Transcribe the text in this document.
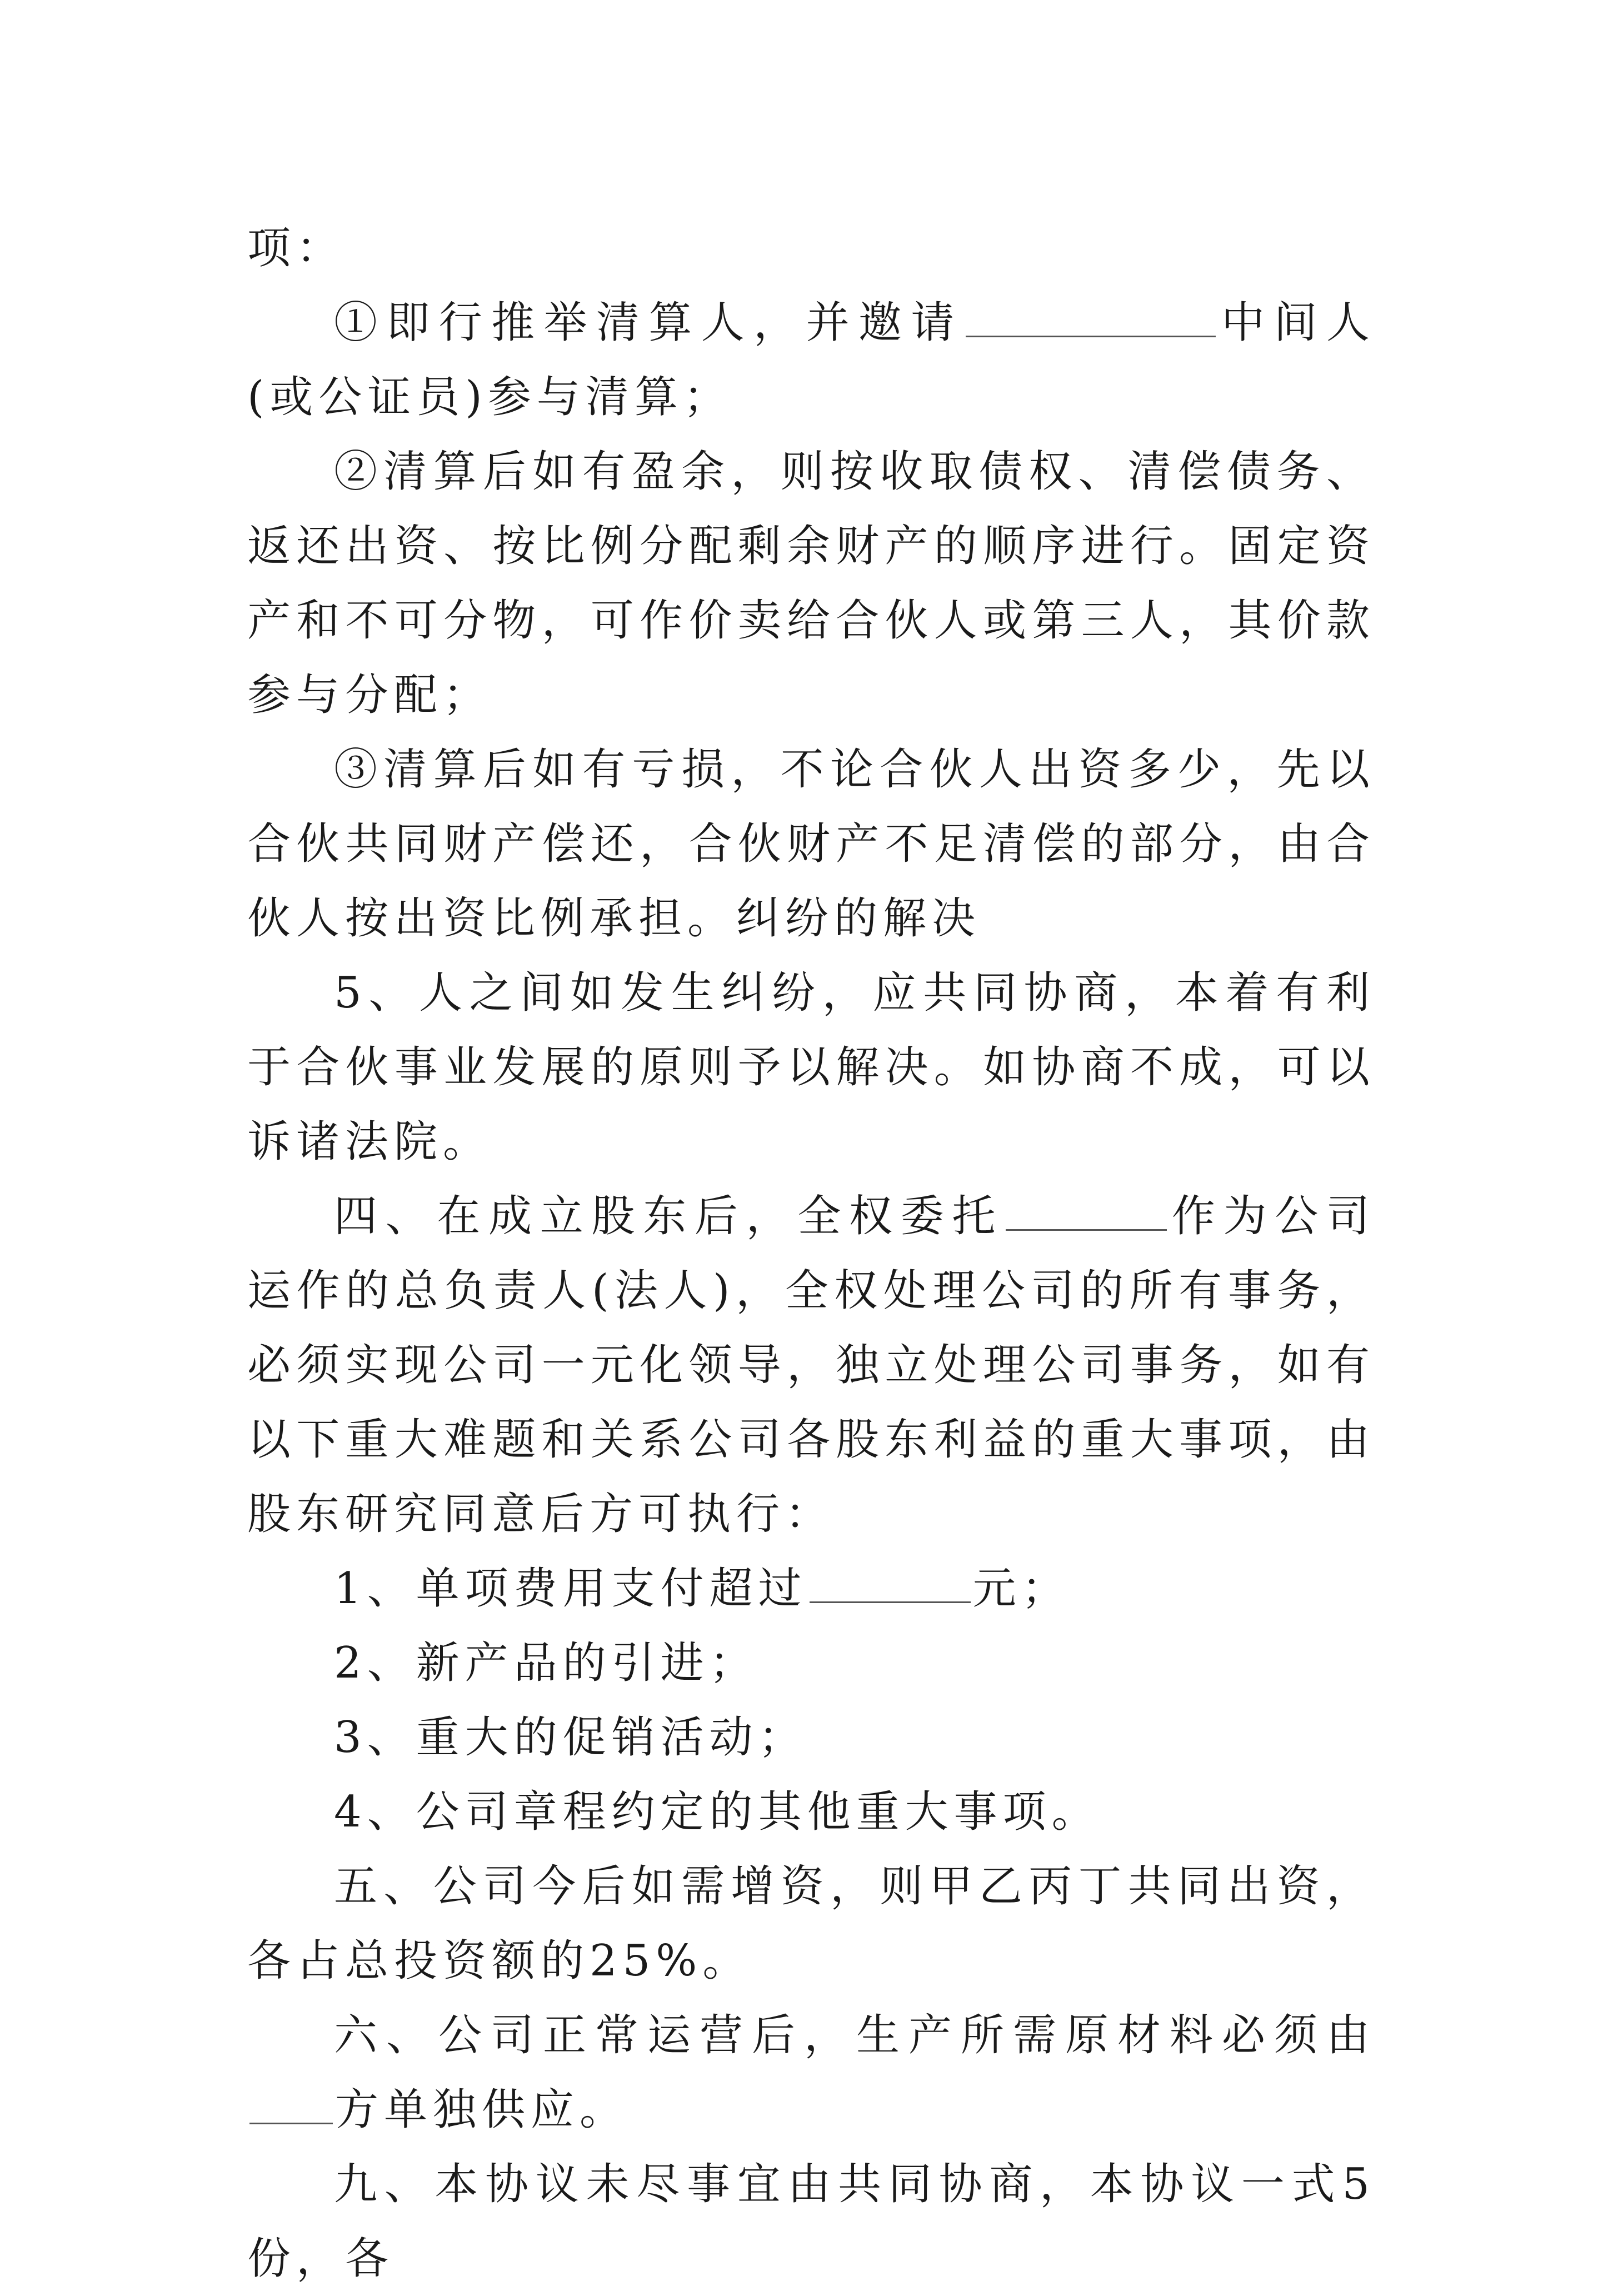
项：

①即行推举清算人，并邀请	中间人(或公证员)参与清算；

②清算后如有盈余，则按收取债权、清偿债务、返还出资、按比例分配剩余财产的顺序进行。固定资产和不可分物，可作价卖给合伙人或第三人，其价款参与分配；

③清算后如有亏损，不论合伙人出资多少，先以合伙共同财产偿还，合伙财产不足清偿的部分，由合伙人按出资比例承担。纠纷的解决

5、人之间如发生纠纷，应共同协商，本着有利于合伙事业发展的原则予以解决。如协商不成，可以诉诸法院。

四、在成立股东后，全权委托	作为公司运作的总负责人(法人)，全权处理公司的所有事务，必须实现公司一元化领导，独立处理公司事务，如有以下重大难题和关系公司各股东利益的重大事项，由股东研究同意后方可执行：

1、单项费用支付超过	元；

2、新产品的引进；

3、重大的促销活动；

4、公司章程约定的其他重大事项。

五、公司今后如需增资，则甲乙丙丁共同出资，各占总投资额的25%。

六、公司正常运营后，生产所需原材料必须由方单独供应。

九、本协议未尽事宜由共同协商，本协议一式5份，各
